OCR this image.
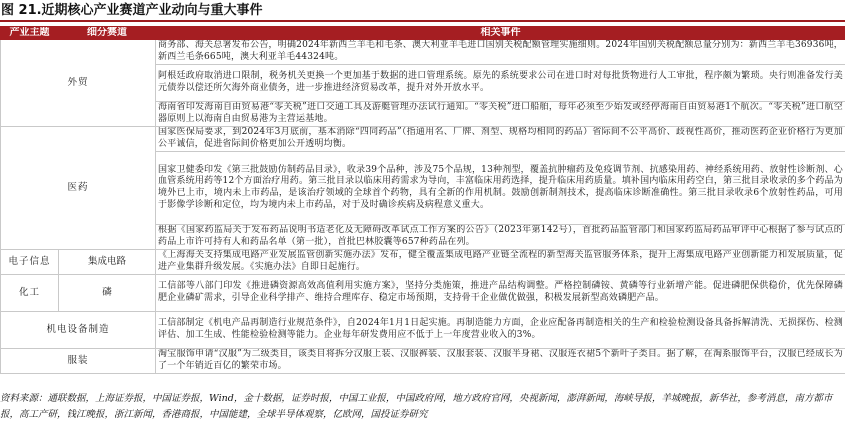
图 21.近期核心产业赛道产业动向与重大事件
产业主题	细分赛道	相关事件
外贸		商务部、海关总署发布公告，明确2024年新西兰羊毛和毛条、澳大利亚羊毛进口国别关税配额管理实施细则。2024年国别关税配额总量分别为：新西兰羊毛36936吨，新西兰毛条665吨，澳大利亚羊毛44324吨。
		阿根廷政府取消进口限制，税务机关更换一个更加基于数据的进口管理系统。原先的系统要求公司在进口时对每批货物进行人工审批，程序颇为繁琐。央行则准备发行美元债券以偿还所欠海外商业债务，进一步推进经济贸易改革，提升对外开放水平。
		海南省印发海南自由贸易港“零关税”进口交通工具及游艇管理办法试行通知。“零关税”进口船舶，每年必须至少始发或经停海南自由贸易港1个航次。“零关税”进口航空器原则上以海南自由贸易港为主营运基地。
医药		国家医保局要求，到2024年3月底前，基本消除“四同药品”（指通用名、厂牌、剂型、规格均相同的药品）省际间不公平高价、歧视性高价，推动医药企业价格行为更加公平诚信，促进省际间价格更加公开透明均衡。
		国家卫健委印发《第三批鼓励仿制药品目录》，收录39个品种，涉及75个品规，13种剂型，覆盖抗肿瘤药及免疫调节剂、抗感染用药、神经系统用药、放射性诊断剂、心血管系统用药等12个方面治疗用药。第三批目录以临床用药需求为导向，丰富临床用药选择，提升临床用药质量。填补国内临床用药空白，第三批目录收录的多个药品为境外已上市，境内未上市药品，是该治疗领域的全球首个药物，具有全新的作用机制。鼓励创新制剂技术，提高临床诊断准确性。第三批目录收录6个放射性药品，可用于影像学诊断和定位，均为境内未上市药品，对于及时确诊疾病及病程意义重大。
		根据《国家药监局关于发布药品说明书适老化及无障碍改革试点工作方案的公告》（2023年第142号），首批药品监管部门和国家药监局药品审评中心根据了参与试点的药品上市许可持有人和药品名单（第一批），首批巴林胶囊等657种药品在列。
电子信息	集成电路	《上海海关支持集成电路产业发展监管创新实施办法》发布，健全覆盖集成电路产业链全流程的新型海关监管服务体系，提升上海集成电路产业创新能力和发展质量，促进产业集群升级发展。《实施办法》自即日起施行。
化工	磷	工信部等八部门印发《推进磷资源高效高值利用实施方案》，坚持分类施策，推进产品结构调整。严格控制磷铵、黄磷等行业新增产能。促进磷肥保供稳价，优先保障磷肥企业磷矿需求，引导企业科学排产、维持合理库存、稳定市场预期，支持骨干企业做优做强，积极发展新型高效磷肥产品。
机电设备制造		工信部制定《机电产品再制造行业规范条件》，自2024年1月1日起实施。再制造能力方面，企业应配备再制造相关的生产和检验检测设备具备拆解清洗、无损探伤、检测评估、加工生成、性能检验检测等能力。企业每年研发费用应不低于上一年度营业收入的3%。
服装		淘宝服饰申请“汉服”为二级类目，该类目将拆分汉服上装、汉服裤装、汉服套装、汉服半身裙、汉服连衣裙5个新叶子类目。据了解，在淘系服饰平台，汉服已经成长为了一个年销近百亿的繁荣市场。
资料来源：通联数据，上海证券报，中国证券报，Wind，金十数据，证券时报，中国工业报，中国政府网，地方政府官网，央视新闻，澎湃新闻，海峡导报，羊城晚报，新华社，参考消息，南方都市报，高工产研，钱江晚报，浙江新闻，香港商报，中国能建，全球半导体观察，亿欧网，国投证券研究
